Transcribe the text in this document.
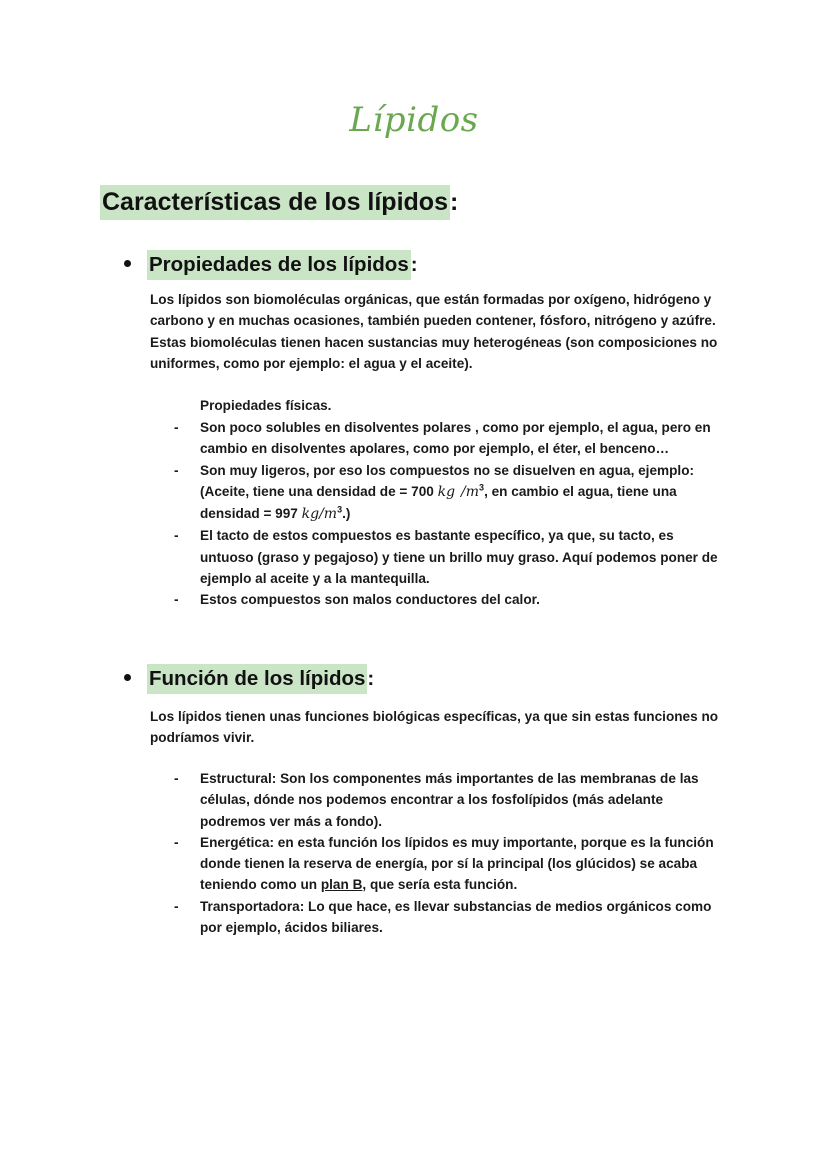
Lípidos
Características de los lípidos:
Propiedades de los lípidos:
Los lípidos son biomoléculas orgánicas, que están formadas por oxígeno, hidrógeno y carbono y en muchas ocasiones, también pueden contener, fósforo, nitrógeno y azúfre. Estas biomoléculas tienen hacen sustancias muy heterogéneas (son composiciones no uniformes, como por ejemplo: el agua y el aceite).
Propiedades físicas.
- Son poco solubles en disolventes polares , como por ejemplo, el agua, pero en cambio en disolventes apolares, como por ejemplo, el éter, el benceno…
- Son muy ligeros, por eso los compuestos no se disuelven en agua, ejemplo: (Aceite, tiene una densidad de = 700 kg $/m^3$, en cambio el agua, tiene una densidad = 997 $kg/m^3$.)
- El tacto de estos compuestos es bastante específico, ya que, su tacto, es untuoso (graso y pegajoso) y tiene un brillo muy graso. Aquí podemos poner de ejemplo al aceite y a la mantequilla.
- Estos compuestos son malos conductores del calor.
Función de los lípidos:
Los lípidos tienen unas funciones biológicas específicas, ya que sin estas funciones no podríamos vivir.
- Estructural: Son los componentes más importantes de las membranas de las células, dónde nos podemos encontrar a los fosfolípidos (más adelante podremos ver más a fondo).
- Energética: en esta función los lípidos es muy importante, porque es la función donde tienen la reserva de energía, por sí la principal (los glúcidos) se acaba teniendo como un plan B, que sería esta función.
- Transportadora: Lo que hace, es llevar substancias de medios orgánicos como por ejemplo, ácidos biliares.
